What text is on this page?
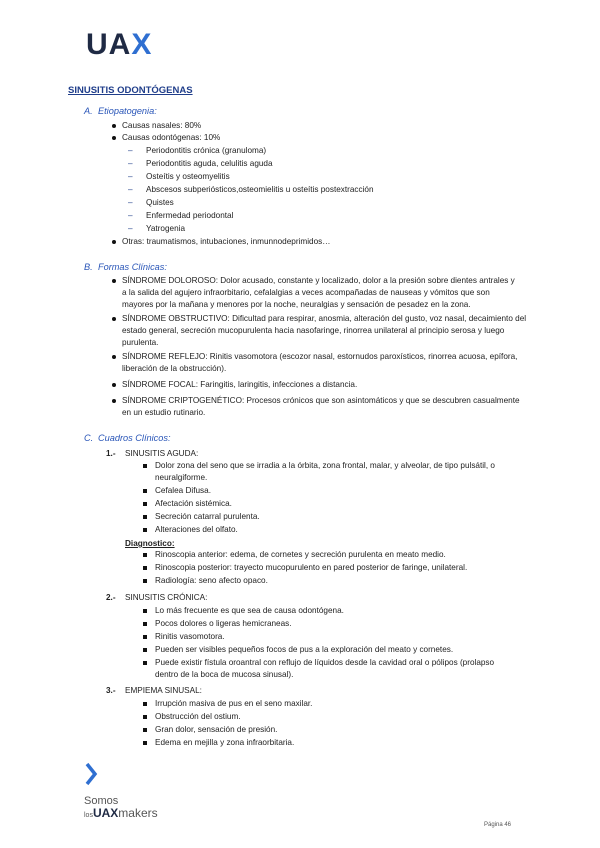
UAX
SINUSITIS ODONTÓGENAS
A. Etiopatogenia:
Causas nasales: 80%
Causas odontógenas: 10%
– Periodontitis crónica (granuloma)
– Periodontitis aguda, celulitis aguda
– Osteítis y osteomyelitis
– Abscesos subperiósticos,osteomielitis u osteítis postextracción
– Quistes
– Enfermedad periodontal
– Yatrogenia
Otras: traumatismos, intubaciones, inmunnodeprimidos…
B. Formas Clínicas:
SÍNDROME DOLOROSO: Dolor acusado, constante y localizado, dolor a la presión sobre dientes antrales y
a la salida del agujero infraorbitario, cefalalgias a veces acompañadas de nauseas y vómitos que son
mayores por la mañana y menores por la noche, neuralgias y sensación de pesadez en la zona.
SÍNDROME OBSTRUCTIVO: Dificultad para respirar, anosmia, alteración del gusto, voz nasal, decaimiento del
estado general, secreción mucopurulenta hacia nasofaringe, rinorrea unilateral al principio serosa y luego
purulenta.
SÍNDROME REFLEJO: Rinitis vasomotora (escozor nasal, estornudos paroxísticos, rinorrea acuosa, epífora,
liberación de la obstrucción).
SÍNDROME FOCAL: Faringitis, laringitis, infecciones a distancia.
SÍNDROME CRIPTOGENÉTICO: Procesos crónicos que son asintomáticos y que se descubren casualmente
en un estudio rutinario.
C. Cuadros Clínicos:
1.- SINUSITIS AGUDA:
Dolor zona del seno que se irradia a la órbita, zona frontal, malar, y alveolar, de tipo pulsátil, o
neuralgiforme.
Cefalea Difusa.
Afectación sistémica.
Secreción catarral purulenta.
Alteraciones del olfato.
Diagnostico:
Rinoscopia anterior: edema, de cornetes y secreción purulenta en meato medio.
Rinoscopia posterior: trayecto mucopurulento en pared posterior de faringe, unilateral.
Radiología: seno afecto opaco.
2.- SINUSITIS CRÓNICA:
Lo más frecuente es que sea de causa odontógena.
Pocos dolores o ligeras hemicraneas.
Rinitis vasomotora.
Pueden ser visibles pequeños focos de pus a la exploración del meato y cornetes.
Puede existir fístula oroantral con reflujo de líquidos desde la cavidad oral o pólipos (prolapso
dentro de la boca de mucosa sinusal).
3.- EMPIEMA SINUSAL:
Irrupción masiva de pus en el seno maxilar.
Obstrucción del ostium.
Gran dolor, sensación de presión.
Edema en mejilla y zona infraorbitaria.
Somos
losUAXmakers
Página 46
